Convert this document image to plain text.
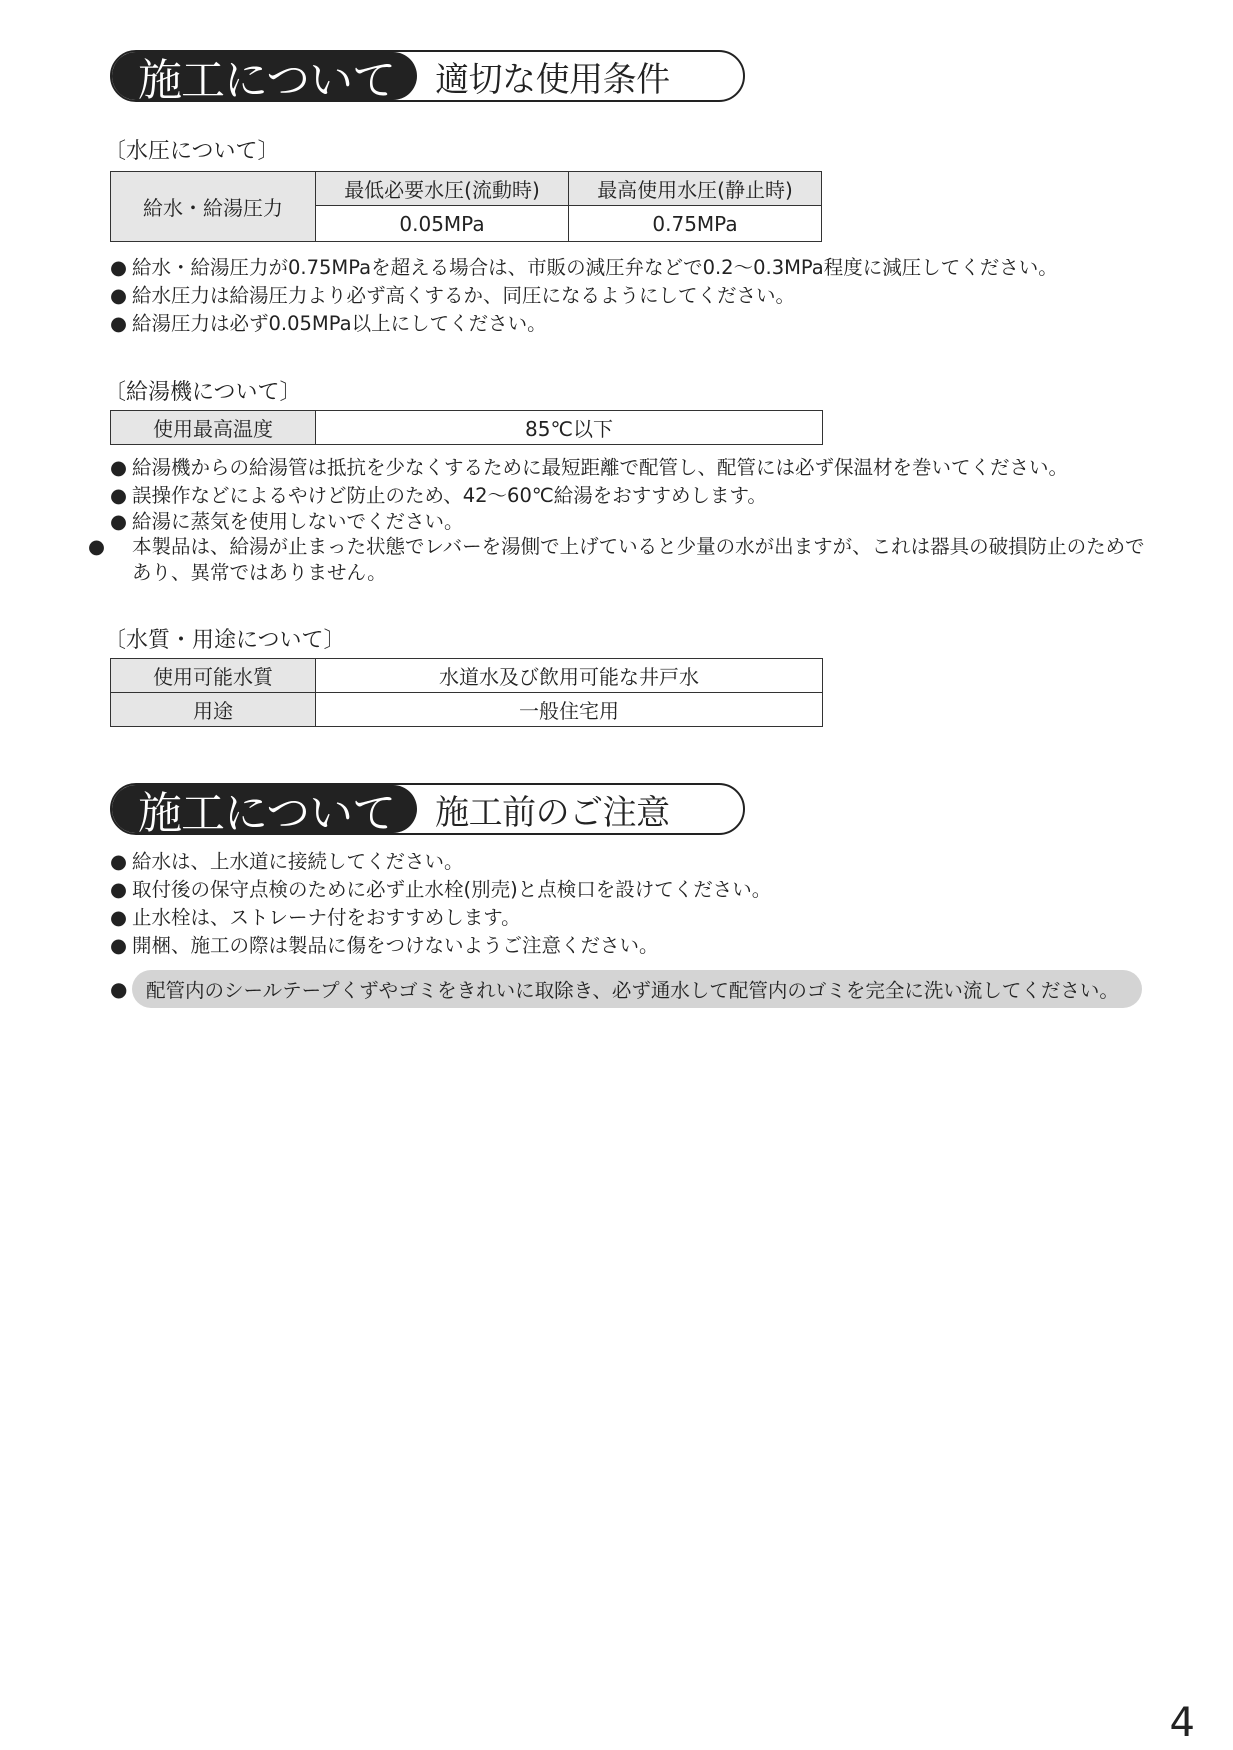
施工について	適切な使用条件
〔水圧について〕
給水・給湯圧力	最低必要水圧(流動時)	最高使用水圧(静止時)
	0.05MPa	0.75MPa
● 給水・給湯圧力が0.75MPaを超える場合は、市販の減圧弁などで0.2〜0.3MPa程度に減圧してください。
● 給水圧力は給湯圧力より必ず高くするか、同圧になるようにしてください。
● 給湯圧力は必ず0.05MPa以上にしてください。
〔給湯機について〕
使用最高温度	85℃以下
● 給湯機からの給湯管は抵抗を少なくするために最短距離で配管し、配管には必ず保温材を巻いてください。
● 誤操作などによるやけど防止のため、42〜60℃給湯をおすすめします。
● 給湯に蒸気を使用しないでください。
● 本製品は、給湯が止まった状態でレバーを湯側で上げていると少量の水が出ますが、これは器具の破損防止のためであり、異常ではありません。
〔水質・用途について〕
使用可能水質	水道水及び飲用可能な井戸水
用途	一般住宅用
施工について	施工前のご注意
● 給水は、上水道に接続してください。
● 取付後の保守点検のために必ず止水栓(別売)と点検口を設けてください。
● 止水栓は、ストレーナ付をおすすめします。
● 開梱、施工の際は製品に傷をつけないようご注意ください。
● 配管内のシールテープくずやゴミをきれいに取除き、必ず通水して配管内のゴミを完全に洗い流してください。
4
